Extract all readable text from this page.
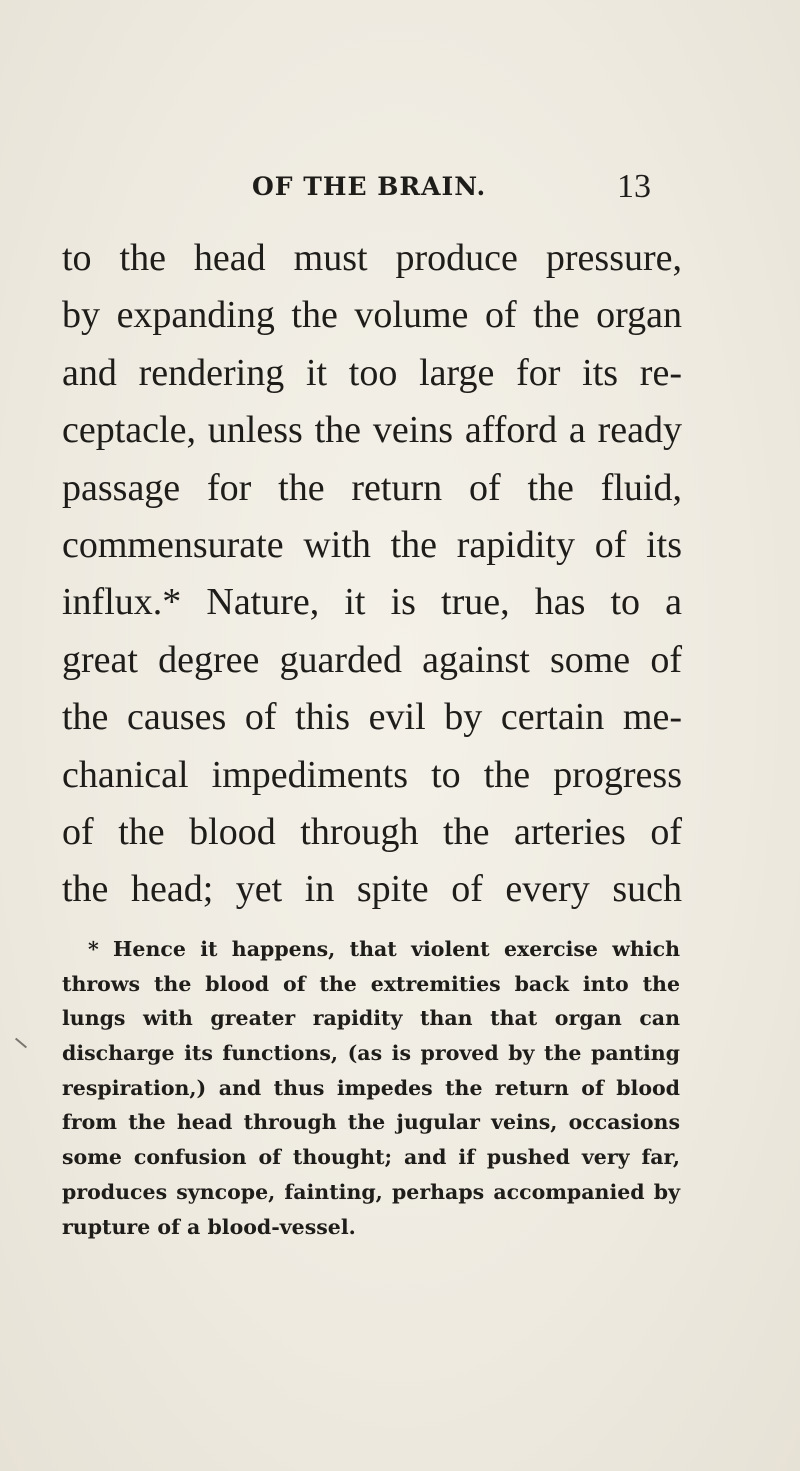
OF THE BRAIN.	13
to the head must produce pressure,
by expanding the volume of the organ
and rendering it too large for its re-
ceptacle, unless the veins afford a ready
passage for the return of the fluid,
commensurate with the rapidity of its
influx.* Nature, it is true, has to a
great degree guarded against some of
the causes of this evil by certain me-
chanical impediments to the progress
of the blood through the arteries of
the head; yet in spite of every such
* Hence it happens, that violent exercise which
throws the blood of the extremities back into the
lungs with greater rapidity than that organ can
discharge its functions, (as is proved by the panting
respiration,) and thus impedes the return of blood
from the head through the jugular veins, occasions
some confusion of thought; and if pushed very far,
produces syncope, fainting, perhaps accompanied by
rupture of a blood-vessel.
